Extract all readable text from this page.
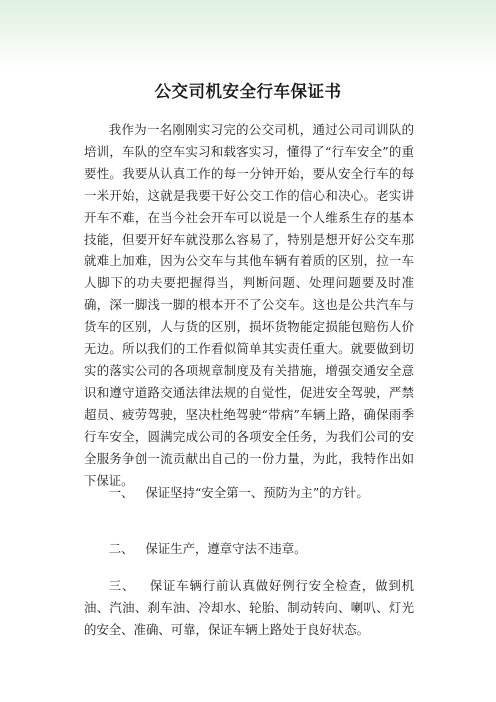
公交司机安全行车保证书

我作为一名刚刚实习完的公交司机，通过公司司训队的培训，车队的空车实习和载客实习，懂得了“行车安全”的重要性。我要从认真工作的每一分钟开始，要从安全行车的每一米开始，这就是我要干好公交工作的信心和决心。老实讲开车不难，在当今社会开车可以说是一个人维系生存的基本技能，但要开好车就没那么容易了，特别是想开好公交车那就难上加难，因为公交车与其他车辆有着质的区别，拉一车人脚下的功夫要把握得当，判断问题、处理问题要及时准确，深一脚浅一脚的根本开不了公交车。这也是公共汽车与货车的区别，人与货的区别，损坏货物能定损能包赔伤人价无边。所以我们的工作看似简单其实责任重大。就要做到切实的落实公司的各项规章制度及有关措施，增强交通安全意识和遵守道路交通法律法规的自觉性，促进安全驾驶，严禁超员、疲劳驾驶，坚决杜绝驾驶“带病”车辆上路，确保雨季行车安全，圆满完成公司的各项安全任务，为我们公司的安全服务争创一流贡献出自己的一份力量，为此，我特作出如下保证。

一、 保证坚持“安全第一、预防为主”的方针。

二、 保证生产，遵章守法不违章。

三、 保证车辆行前认真做好例行安全检查，做到机油、汽油、刹车油、冷却水、轮胎、制动转向、喇叭、灯光的安全、准确、可靠，保证车辆上路处于良好状态。
